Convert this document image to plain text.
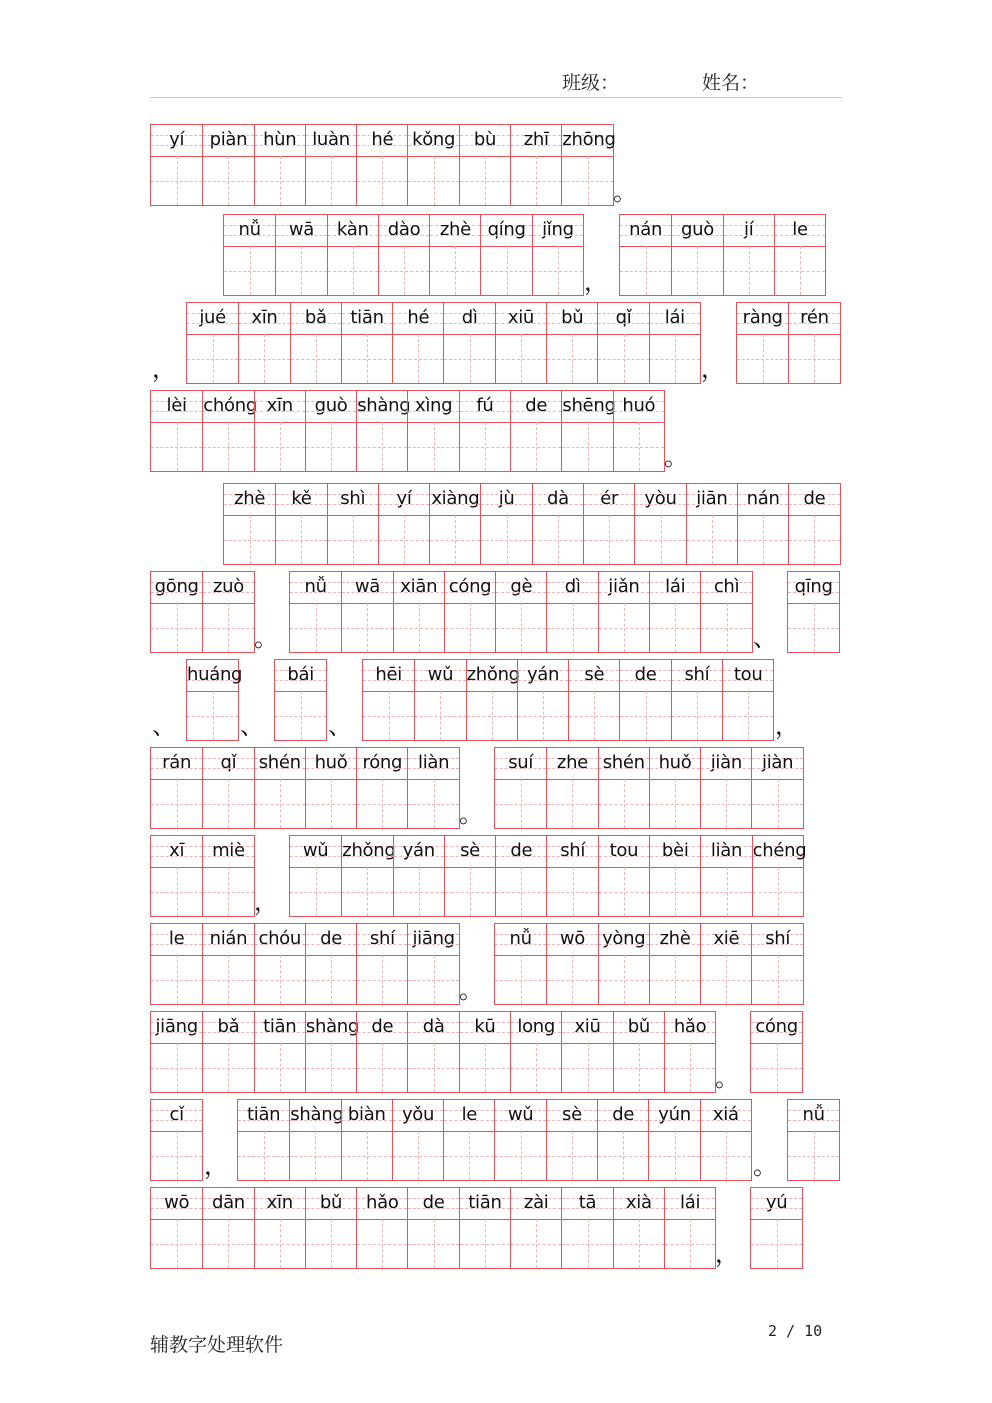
班级：	姓名：
yí	piàn hùn luàn	hé	kǒng	bù	zhī zhōng
。
nǚ	wā	kàn	dào	zhè qíng jǐng
，
nán	guò	jí	le
，
jué	xīn	bǎ	tiān	hé	dì	xiū	bǔ	qǐ	lái
，
ràng rén
lèi chóng xīn	guò shàng xìng	fú	de shēng huó
。
zhè	kě	shì	yí	xiàng	jù	dà	ér	yòu	jiān	nán	de
gōng zuò
。
nǚ	wā	xiān cóng	gè	dì	jiǎn	lái	chì
、
qīng
、
huáng
、
bái
、
hēi	wǔ zhǒng yán	sè	de	shí	tou
，
rán	qǐ	shén huǒ róng liàn
。
suí	zhe shén huǒ	jiàn	jiàn
xī	miè
，
wǔ zhǒng yán	sè	de	shí	tou	bèi	liàn chéng
le	nián chóu	de	shí jiāng
。
nǚ	wō yòng zhè	xiē	shí
jiāng	bǎ	tiān shàng de	dà	kū	long	xiū	bǔ	hǎo
。
cóng
cǐ
，
tiān shàng biàn yǒu	le	wǔ	sè	de	yún	xiá
。
nǚ
wō	dān	xīn	bǔ	hǎo	de	tiān	zài	tā	xià	lái
，
yú
辅教字处理软件
2 / 10
